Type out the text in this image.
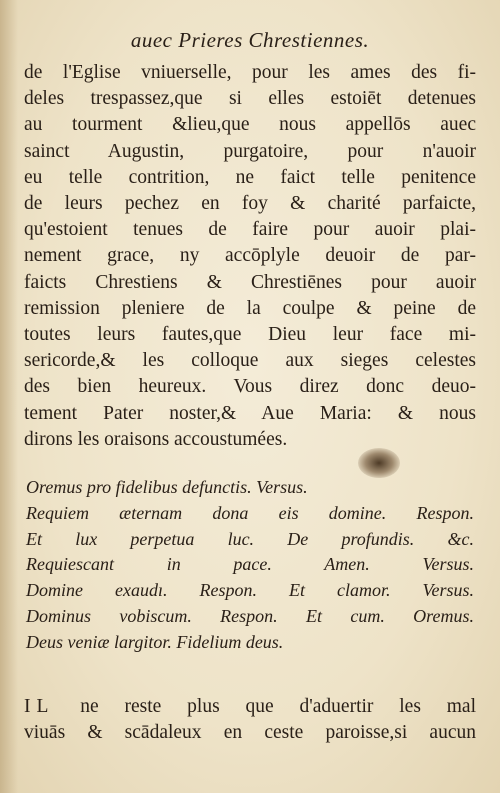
auec Prieres Chrestiennes.
de l'Eglise vniuerselle, pour les ames des fi-
deles trespassez,que si elles estoiēt detenues
au tourment &lieu,que nous appellōs auec
sainct Augustin, purgatoire, pour n'auoir
eu telle contrition, ne faict telle penitence
de leurs pechez en foy & charité parfaicte,
qu'estoient tenues de faire pour auoir plai-
nement grace, ny accōplyle deuoir de par-
faicts Chrestiens & Chrestiēnes pour auoir
remission pleniere de la coulpe & peine de
toutes leurs fautes,que Dieu leur face mi-
sericorde,& les colloque aux sieges celestes
des bien heureux. Vous direz donc deuo-
tement Pater noster,& Aue Maria: & nous
dirons les oraisons accoustumées.
Oremus pro fidelibus defunctis. Versus.
Requiem æternam dona eis domine. Respon.
Et lux perpetua luc. De profundis. &c.
Requiescant in pace. Amen. Versus.
Domine exaudı. Respon. Et clamor. Versus.
Dominus vobiscum. Respon. Et cum. Oremus.
Deus veniæ largitor. Fidelium deus.
IL ne reste plus que d'aduertir les mal
viuās & scādaleux en ceste paroisse,si aucun
